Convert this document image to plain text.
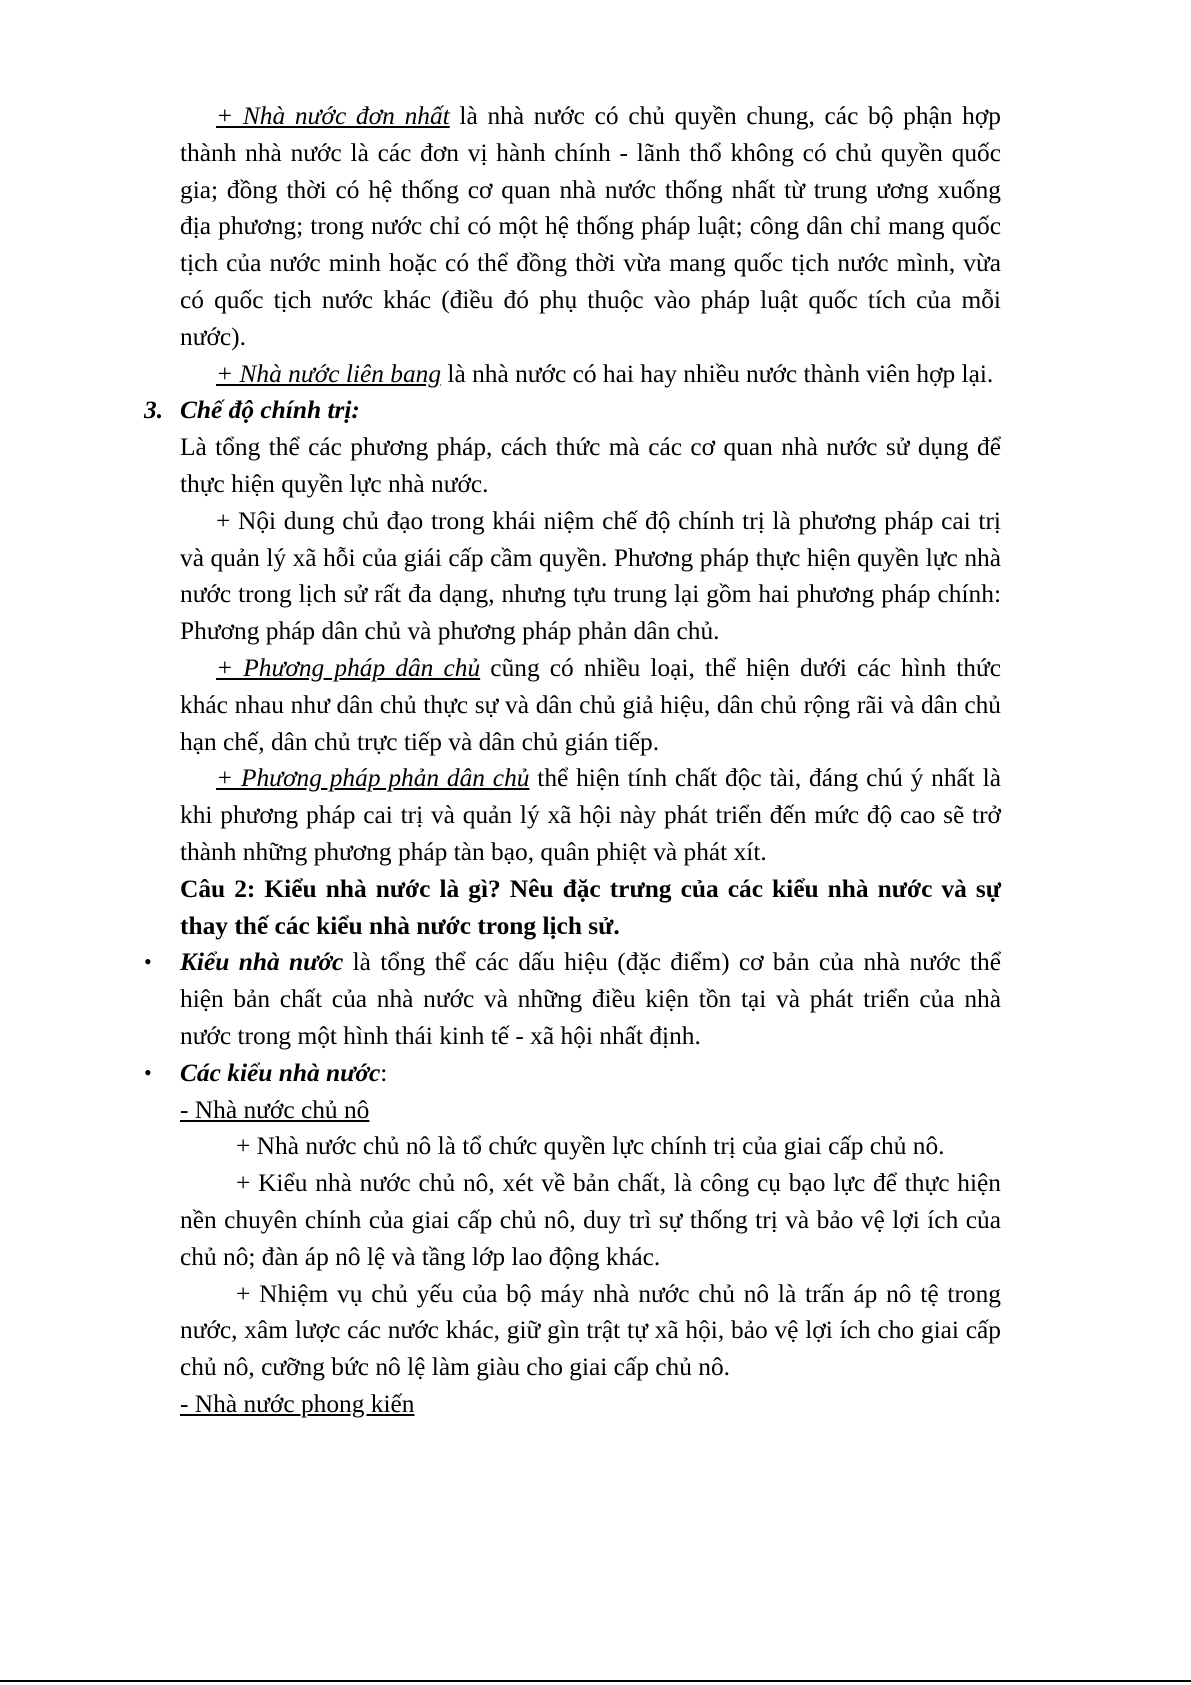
+ Nhà nước đơn nhất là nhà nước có chủ quyền chung, các bộ phận hợp thành nhà nước là các đơn vị hành chính - lãnh thổ không có chủ quyền quốc gia; đồng thời có hệ thống cơ quan nhà nước thống nhất từ trung ương xuống địa phương; trong nước chỉ có một hệ thống pháp luật; công dân chỉ mang quốc tịch của nước minh hoặc có thể đồng thời vừa mang quốc tịch nước mình, vừa có quốc tịch nước khác (điều đó phụ thuộc vào pháp luật quốc tích của mỗi nước).

+ Nhà nước liên bang là nhà nước có hai hay nhiều nước thành viên hợp lại.

3. Chế độ chính trị:

Là tổng thể các phương pháp, cách thức mà các cơ quan nhà nước sử dụng để thực hiện quyền lực nhà nước.

+ Nội dung chủ đạo trong khái niệm chế độ chính trị là phương pháp cai trị và quản lý xã hỗi của giái cấp cầm quyền. Phương pháp thực hiện quyền lực nhà nước trong lịch sử rất đa dạng, nhưng tựu trung lại gồm hai phương pháp chính: Phương pháp dân chủ và phương pháp phản dân chủ.

+ Phương pháp dân chủ cũng có nhiều loại, thể hiện dưới các hình thức khác nhau như dân chủ thực sự và dân chủ giả hiệu, dân chủ rộng rãi và dân chủ hạn chế, dân chủ trực tiếp và dân chủ gián tiếp.

+ Phương pháp phản dân chủ thể hiện tính chất độc tài, đáng chú ý nhất là khi phương pháp cai trị và quản lý xã hội này phát triển đến mức độ cao sẽ trở thành những phương pháp tàn bạo, quân phiệt và phát xít.

Câu 2: Kiểu nhà nước là gì? Nêu đặc trưng của các kiểu nhà nước và sự thay thế các kiểu nhà nước trong lịch sử.

• Kiểu nhà nước là tổng thể các dấu hiệu (đặc điểm) cơ bản của nhà nước thể hiện bản chất của nhà nước và những điều kiện tồn tại và phát triển của nhà nước trong một hình thái kinh tế - xã hội nhất định.

• Các kiểu nhà nước:

- Nhà nước chủ nô

+ Nhà nước chủ nô là tổ chức quyền lực chính trị của giai cấp chủ nô.

+ Kiểu nhà nước chủ nô, xét về bản chất, là công cụ bạo lực để thực hiện nền chuyên chính của giai cấp chủ nô, duy trì sự thống trị và bảo vệ lợi ích của chủ nô; đàn áp nô lệ và tầng lớp lao động khác.

+ Nhiệm vụ chủ yếu của bộ máy nhà nước chủ nô là trấn áp nô tệ trong nước, xâm lược các nước khác, giữ gìn trật tự xã hội, bảo vệ lợi ích cho giai cấp chủ nô, cưỡng bức nô lệ làm giàu cho giai cấp chủ nô.

- Nhà nước phong kiến
